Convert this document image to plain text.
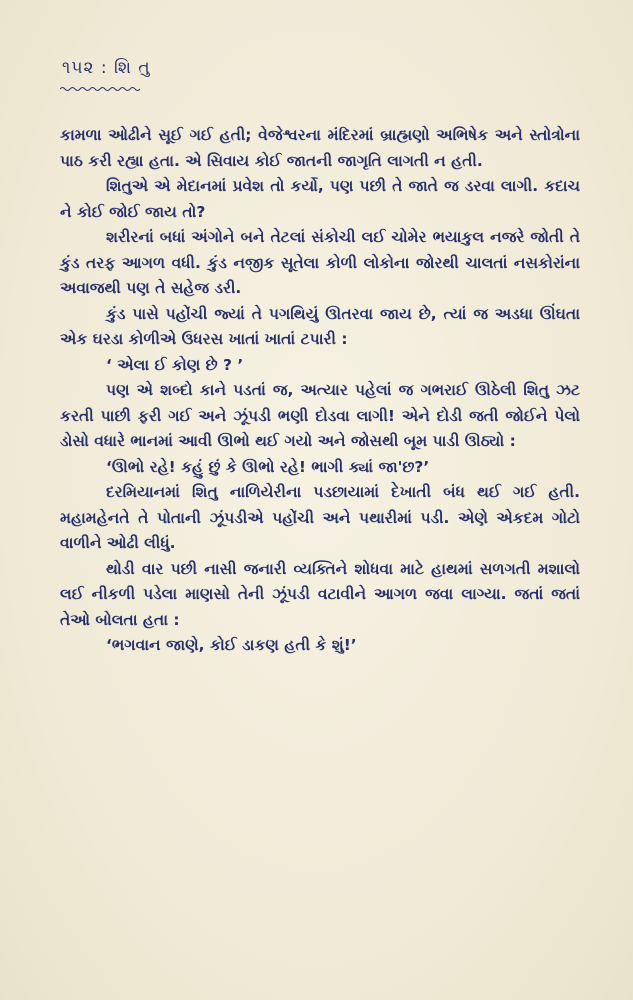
૧૫૨ : શિ તુ

કામળા ઓઢીને સૂઈ ગઈ હતી; વેજેશ્વરના મંદિરમાં બ્રાહ્મણો અભિષેક અને સ્તોત્રોના પાઠ કરી રહ્યા હતા. એ સિવાય કોઈ જાતની જાગૃતિ લાગતી ન હતી.

શિતુએ એ મેદાનમાં પ્રવેશ તો કર્યો, પણ પછી તે જાતે જ ડરવા લાગી. કદાચ ને કોઈ જોઈ જાય તો?

શરીરનાં બધાં અંગોને બને તેટલાં સંકોચી લઈ ચોમેર ભયાકુલ નજરે જોતી તે કુંડ તરફ આગળ વધી. કુંડ નજીક સૂતેલા કોળી લોકોના જોરથી ચાલતાં નસકોરાંના અવાજથી પણ તે સહેજ ડરી.

કુંડ પાસે પહોંચી જ્યાં તે પગથિયું ઊતરવા જાય છે, ત્યાં જ અડધા ઊંઘતા એક ઘરડા કોળીએ ઉધરસ ખાતાં ખાતાં ટપારી :

‘ એલા ઈ કોણ છે ? ’

પણ એ શબ્દો કાને પડતાં જ, અત્યાર પહેલાં જ ગભરાઈ ઊઠેલી શિતુ ઝટ કરતી પાછી ફરી ગઈ અને ઝૂંપડી ભણી દોડવા લાગી! એને દોડી જતી જોઈને પેલો ડોસો વધારે ભાનમાં આવી ઊભો થઈ ગયો અને જોસથી બૂમ પાડી ઊઠ્યો :

‘ઊભો રહે! કહું છું કે ઊભો રહે! ભાગી ક્યાં જા'છ?’

દરમિયાનમાં શિતુ નાળિયેરીના પડછાયામાં દેખાતી બંધ થઈ ગઈ હતી. મહામહેનતે તે પોતાની ઝૂંપડીએ પહોંચી અને પથારીમાં પડી. એણે એકદમ ગોટો વાળીને ઓઢી લીધું.

થોડી વાર પછી નાસી જનારી વ્યક્તિને શોધવા માટે હાથમાં સળગતી મશાલો લઈ નીકળી પડેલા માણસો તેની ઝૂંપડી વટાવીને આગળ જવા લાગ્યા. જતાં જતાં તેઓ બોલતા હતા :

‘ભગવાન જાણે, કોઈ ડાકણ હતી કે શું!’
